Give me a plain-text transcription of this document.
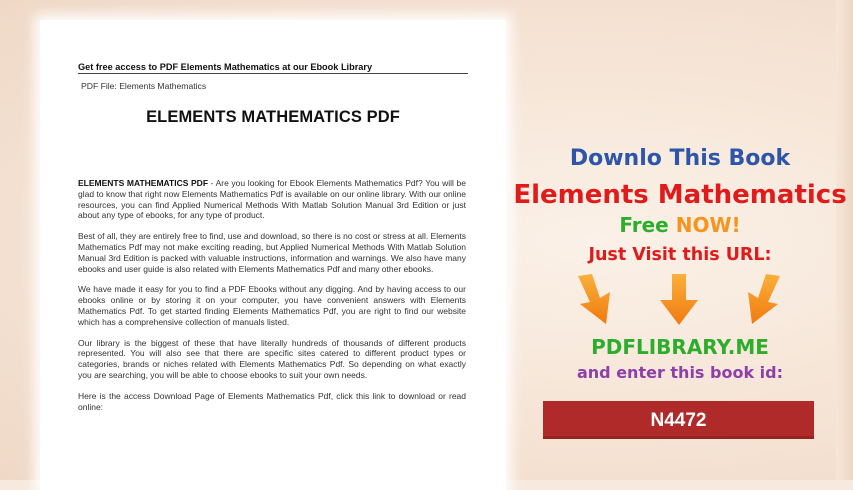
Get free access to PDF Elements Mathematics at our Ebook Library
PDF File: Elements Mathematics
ELEMENTS MATHEMATICS PDF

ELEMENTS MATHEMATICS PDF - Are you looking for Ebook Elements Mathematics Pdf? You will be glad to know that right now Elements Mathematics Pdf is available on our online library. With our online resources, you can find Applied Numerical Methods With Matlab Solution Manual 3rd Edition or just about any type of ebooks, for any type of product.

Best of all, they are entirely free to find, use and download, so there is no cost or stress at all. Elements Mathematics Pdf may not make exciting reading, but Applied Numerical Methods With Matlab Solution Manual 3rd Edition is packed with valuable instructions, information and warnings. We also have many ebooks and user guide is also related with Elements Mathematics Pdf and many other ebooks.

We have made it easy for you to find a PDF Ebooks without any digging. And by having access to our ebooks online or by storing it on your computer, you have convenient answers with Elements Mathematics Pdf. To get started finding Elements Mathematics Pdf, you are right to find our website which has a comprehensive collection of manuals listed.

Our library is the biggest of these that have literally hundreds of thousands of different products represented. You will also see that there are specific sites catered to different product types or categories, brands or niches related with Elements Mathematics Pdf. So depending on what exactly you are searching, you will be able to choose ebooks to suit your own needs.

Here is the access Download Page of Elements Mathematics Pdf, click this link to download or read online:

Downlo This Book
Elements Mathematics
Free NOW!
Just Visit this URL:
PDFLIBRARY.ME
and enter this book id:
N4472
